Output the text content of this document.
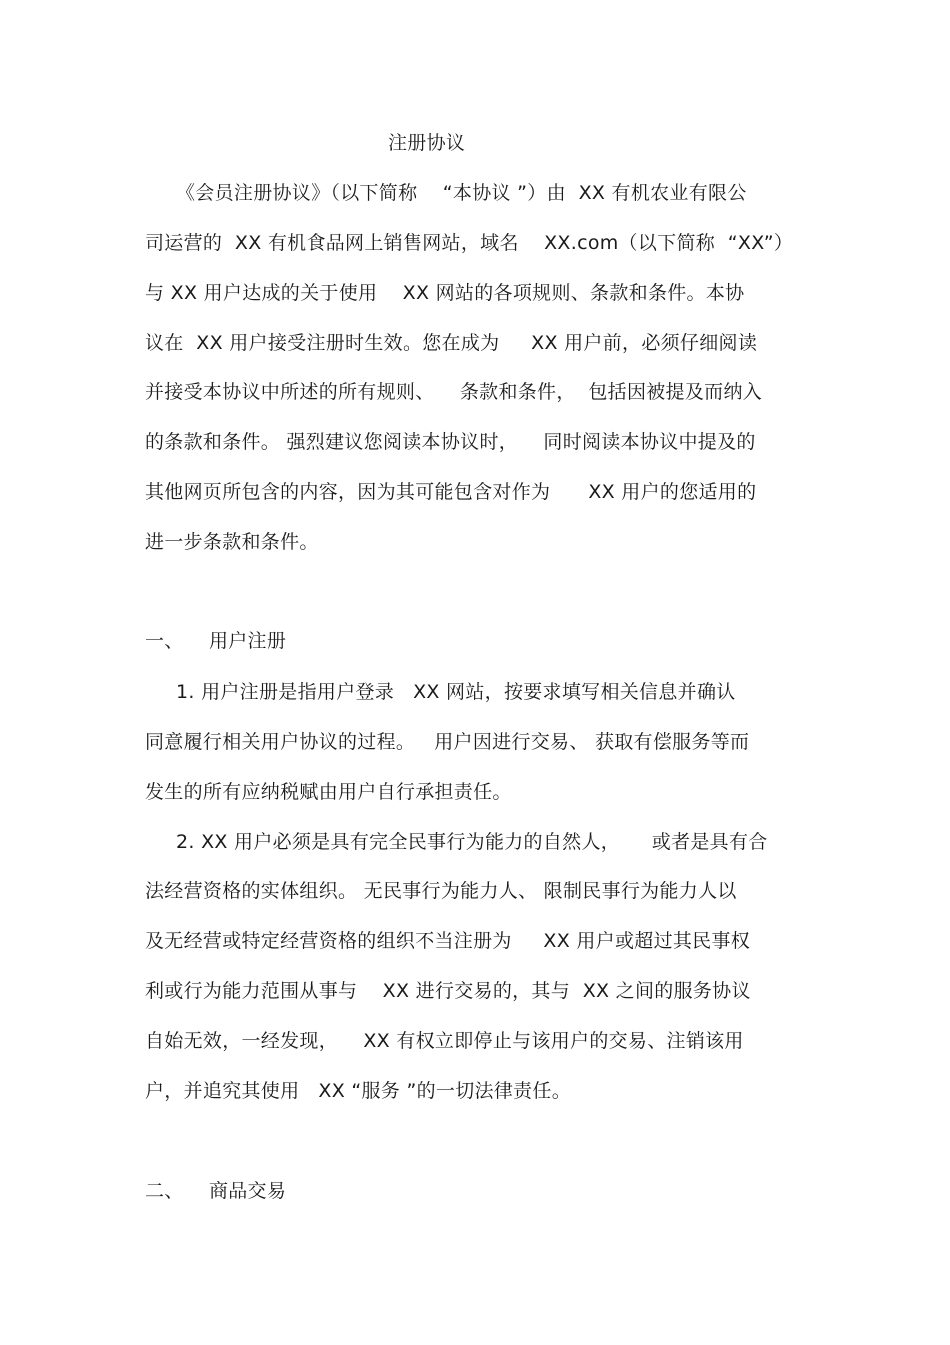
注册协议
《会员注册协议》（以下简称    “本协议 ”）由  XX 有机农业有限公
司运营的  XX 有机食品网上销售网站，域名    XX.com（以下简称  “XX”）
与 XX 用户达成的关于使用    XX 网站的各项规则、条款和条件。本协
议在  XX 用户接受注册时生效。您在成为     XX 用户前，必须仔细阅读
并接受本协议中所述的所有规则、    条款和条件，  包括因被提及而纳入
的条款和条件。 强烈建议您阅读本协议时，    同时阅读本协议中提及的
其他网页所包含的内容，因为其可能包含对作为      XX 用户的您适用的
进一步条款和条件。
一、    用户注册
1. 用户注册是指用户登录   XX 网站，按要求填写相关信息并确认
同意履行相关用户协议的过程。   用户因进行交易、 获取有偿服务等而
发生的所有应纳税赋由用户自行承担责任。
2. XX 用户必须是具有完全民事行为能力的自然人，     或者是具有合
法经营资格的实体组织。 无民事行为能力人、 限制民事行为能力人以
及无经营或特定经营资格的组织不当注册为     XX 用户或超过其民事权
利或行为能力范围从事与    XX 进行交易的，其与  XX 之间的服务协议
自始无效，一经发现，    XX 有权立即停止与该用户的交易、注销该用
户，并追究其使用   XX “服务 ”的一切法律责任。
二、    商品交易
